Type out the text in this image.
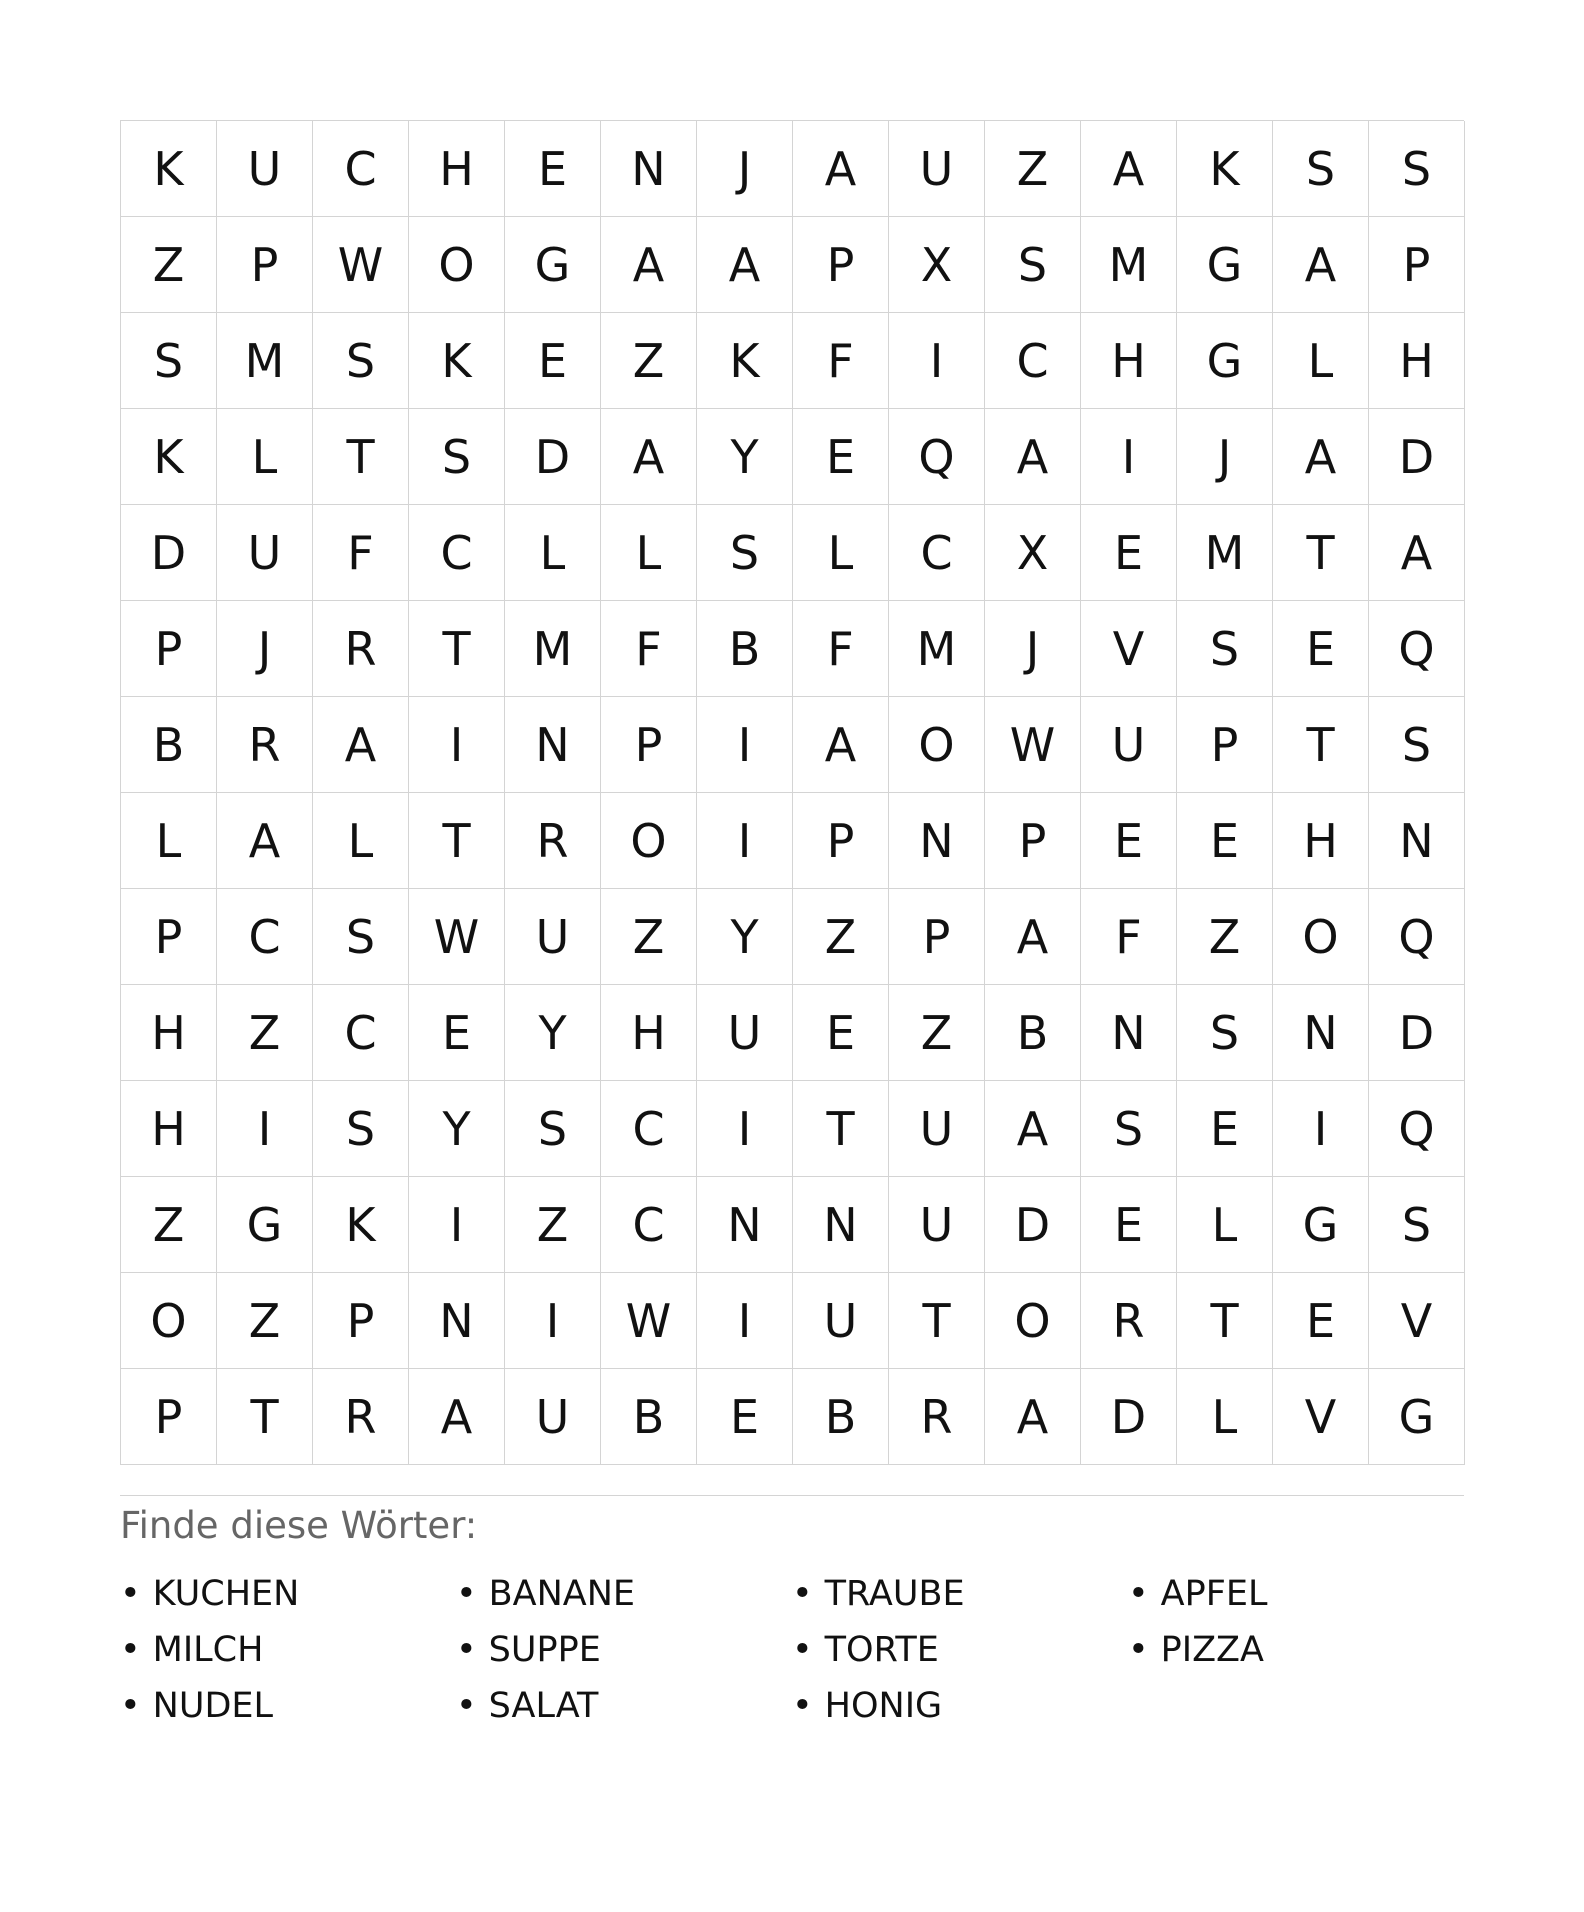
K	U	C	H	E	N	J	A	U	Z	A	K	S	S
Z	P	W	O	G	A	A	P	X	S	M	G	A	P
S	M	S	K	E	Z	K	F	I	C	H	G	L	H
K	L	T	S	D	A	Y	E	Q	A	I	J	A	D
D	U	F	C	L	L	S	L	C	X	E	M	T	A
P	J	R	T	M	F	B	F	M	J	V	S	E	Q
B	R	A	I	N	P	I	A	O	W	U	P	T	S
L	A	L	T	R	O	I	P	N	P	E	E	H	N
P	C	S	W	U	Z	Y	Z	P	A	F	Z	O	Q
H	Z	C	E	Y	H	U	E	Z	B	N	S	N	D
H	I	S	Y	S	C	I	T	U	A	S	E	I	Q
Z	G	K	I	Z	C	N	N	U	D	E	L	G	S
O	Z	P	N	I	W	I	U	T	O	R	T	E	V
P	T	R	A	U	B	E	B	R	A	D	L	V	G
Finde diese Wörter:
• KUCHEN	• BANANE	• TRAUBE	• APFEL
• MILCH	• SUPPE	• TORTE	• PIZZA
• NUDEL	• SALAT	• HONIG
